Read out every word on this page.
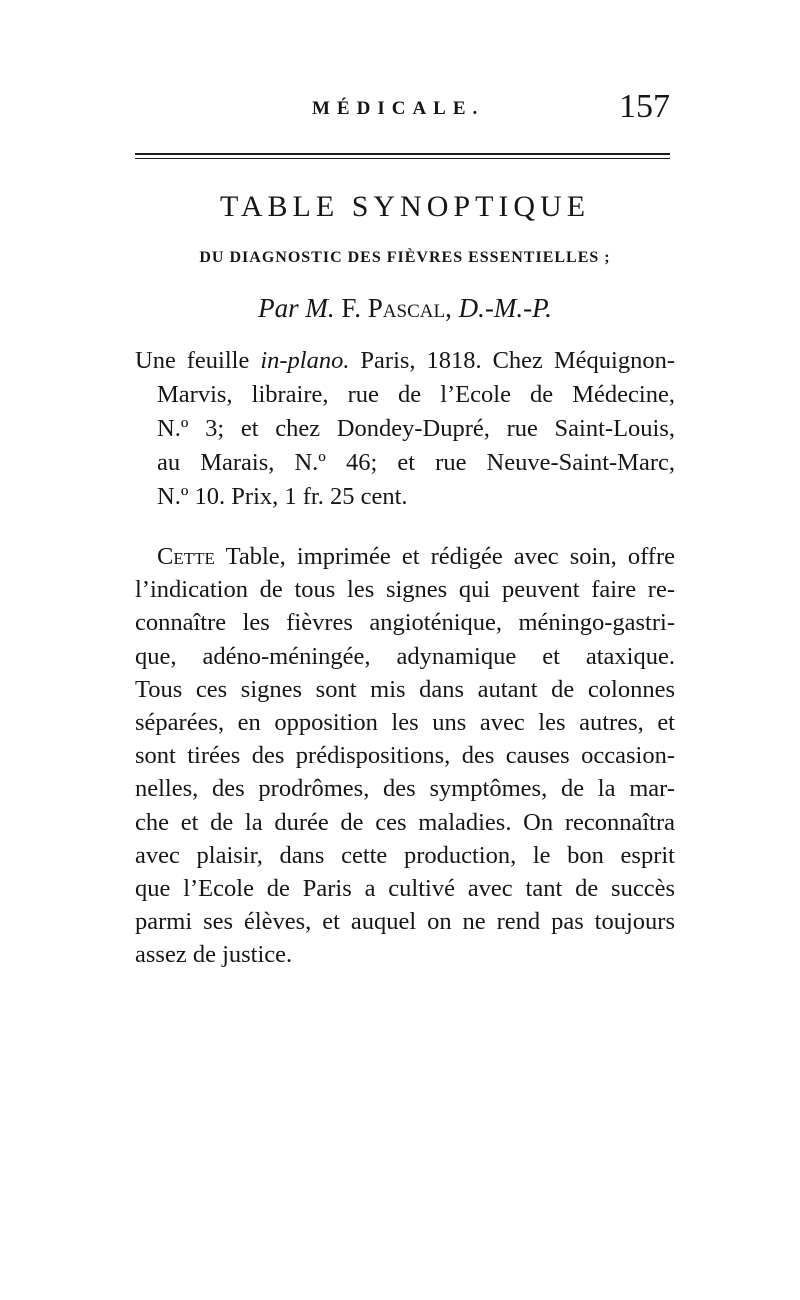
MÉDICALE.	157
TABLE SYNOPTIQUE
DU DIAGNOSTIC DES FIÈVRES ESSENTIELLES ;
Par M. F. Pascal, D.-M.-P.
Une feuille in-plano. Paris, 1818. Chez Méquignon-
Marvis, libraire, rue de l’Ecole de Médecine,
N.º 3; et chez Dondey-Dupré, rue Saint-Louis,
au Marais, N.º 46; et rue Neuve-Saint-Marc,
N.º 10. Prix, 1 fr. 25 cent.
Cette Table, imprimée et rédigée avec soin, offre
l’indication de tous les signes qui peuvent faire re-
connaître les fièvres angioténique, méningo-gastri-
que, adéno-méningée, adynamique et ataxique.
Tous ces signes sont mis dans autant de colonnes
séparées, en opposition les uns avec les autres, et
sont tirées des prédispositions, des causes occasion-
nelles, des prodrômes, des symptômes, de la mar-
che et de la durée de ces maladies. On reconnaîtra
avec plaisir, dans cette production, le bon esprit
que l’Ecole de Paris a cultivé avec tant de succès
parmi ses élèves, et auquel on ne rend pas toujours
assez de justice.
